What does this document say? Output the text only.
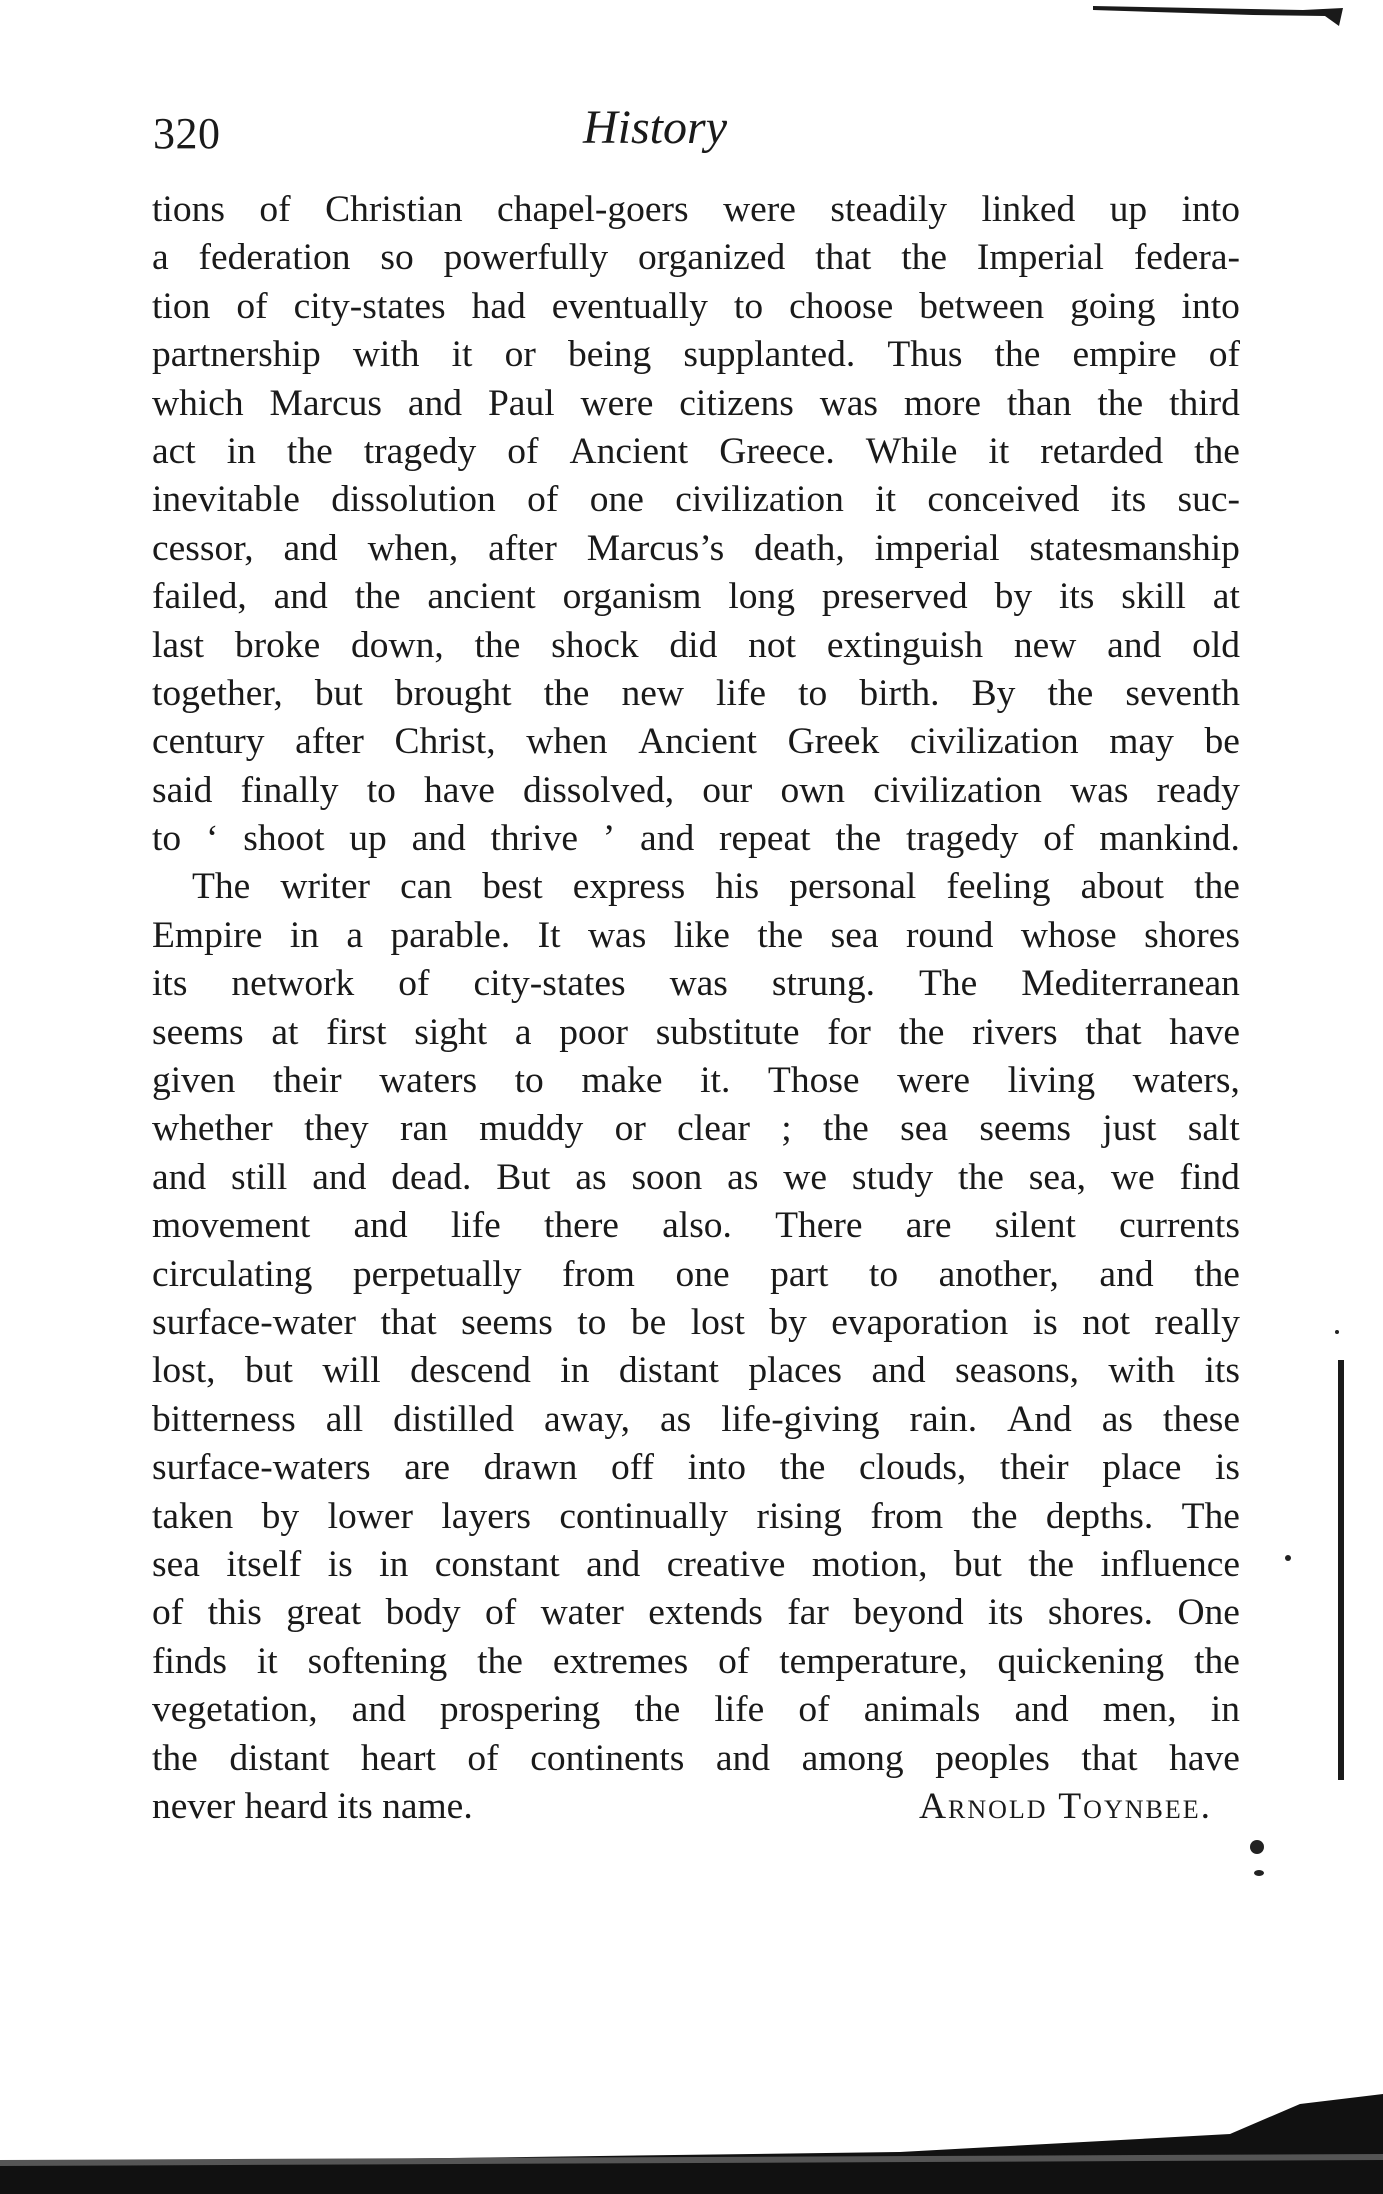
320	History
tions of Christian chapel-goers were steadily linked up into
a federation so powerfully organized that the Imperial federa-
tion of city-states had eventually to choose between going into
partnership with it or being supplanted. Thus the empire of
which Marcus and Paul were citizens was more than the third
act in the tragedy of Ancient Greece. While it retarded the
inevitable dissolution of one civilization it conceived its suc-
cessor, and when, after Marcus’s death, imperial statesmanship
failed, and the ancient organism long preserved by its skill at
last broke down, the shock did not extinguish new and old
together, but brought the new life to birth. By the seventh
century after Christ, when Ancient Greek civilization may be
said finally to have dissolved, our own civilization was ready
to ‘ shoot up and thrive ’ and repeat the tragedy of mankind.
The writer can best express his personal feeling about the
Empire in a parable. It was like the sea round whose shores
its network of city-states was strung. The Mediterranean
seems at first sight a poor substitute for the rivers that have
given their waters to make it. Those were living waters,
whether they ran muddy or clear ; the sea seems just salt
and still and dead. But as soon as we study the sea, we find
movement and life there also. There are silent currents
circulating perpetually from one part to another, and the
surface-water that seems to be lost by evaporation is not really
lost, but will descend in distant places and seasons, with its
bitterness all distilled away, as life-giving rain. And as these
surface-waters are drawn off into the clouds, their place is
taken by lower layers continually rising from the depths. The
sea itself is in constant and creative motion, but the influence
of this great body of water extends far beyond its shores. One
finds it softening the extremes of temperature, quickening the
vegetation, and prospering the life of animals and men, in
the distant heart of continents and among peoples that have
never heard its name.	Arnold Toynbee.
